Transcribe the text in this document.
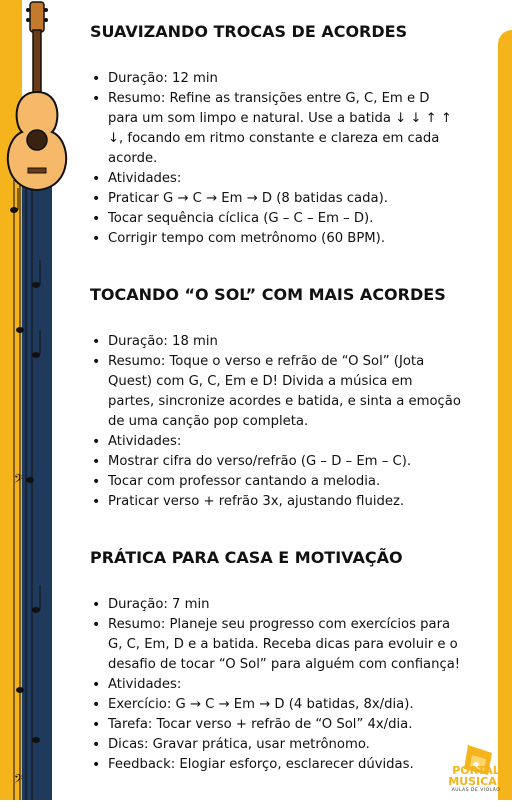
𝄢
𝄢
SUAVIZANDO TROCAS DE ACORDES
• Duração: 12 min
• Resumo: Refine as transições entre G, C, Em e D para um som limpo e natural. Use a batida ↓ ↓ ↑ ↑ ↓, focando em ritmo constante e clareza em cada acorde.
• Atividades:
• Praticar G → C → Em → D (8 batidas cada).
• Tocar sequência cíclica (G – C – Em – D).
• Corrigir tempo com metrônomo (60 BPM).
TOCANDO “O SOL” COM MAIS ACORDES
• Duração: 18 min
• Resumo: Toque o verso e refrão de “O Sol” (Jota Quest) com G, C, Em e D! Divida a música em partes, sincronize acordes e batida, e sinta a emoção de uma canção pop completa.
• Atividades:
• Mostrar cifra do verso/refrão (G – D – Em – C).
• Tocar com professor cantando a melodia.
• Praticar verso + refrão 3x, ajustando fluidez.
PRÁTICA PARA CASA E MOTIVAÇÃO
• Duração: 7 min
• Resumo: Planeje seu progresso com exercícios para G, C, Em, D e a batida. Receba dicas para evoluir e o desafio de tocar “O Sol” para alguém com confiança!
• Atividades:
• Exercício: G → C → Em → D (4 batidas, 8x/dia).
• Tarefa: Tocar verso + refrão de “O Sol” 4x/dia.
• Dicas: Gravar prática, usar metrônomo.
• Feedback: Elogiar esforço, esclarecer dúvidas.	PORTAL
MUSICAL
AULAS DE VIOLÃO
